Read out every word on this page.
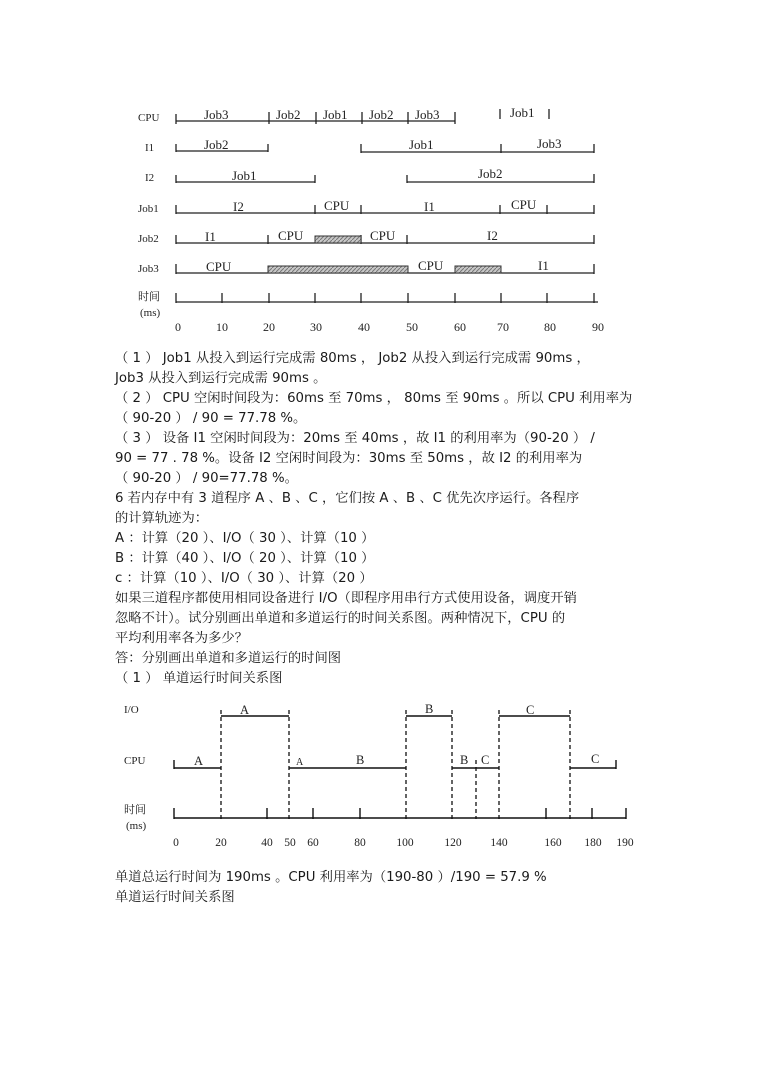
CPU
I1
I2
Job1
Job2
Job3
时间
(ms)
Job3	Job2 Job1 Job2 Job3	Job1
Job2	Job1	Job3
Job1	Job2
I2	CPU	I1	CPU
I1	CPU	CPU	I2
CPU	CPU	I1
0	10	20	30	40	50	60	70	80	90
（ 1 ） Job1 从投入到运行完成需 80ms ， Job2 从投入到运行完成需 90ms ，
Job3 从投入到运行完成需 90ms 。
（ 2 ） CPU 空闲时间段为：60ms 至 70ms ， 80ms 至 90ms 。所以 CPU 利用率为
（ 90-20 ） / 90 = 77.78 %。
（ 3 ） 设备 I1 空闲时间段为：20ms 至 40ms ，故 I1 的利用率为（90-20 ） /
90 = 77 . 78 %。设备 I2 空闲时间段为：30ms 至 50ms ，故 I2 的利用率为
（ 90-20 ） / 90=77.78 %。
6 若内存中有 3 道程序 A 、B 、C ，它们按 A 、B 、C 优先次序运行。各程序
的计算轨迹为：
A ：计算（20 ）、I/O（ 30 ）、计算（10 ）
B ：计算（40 ）、I/O（ 20 ）、计算（10 ）
c ：计算（10 ）、I/O（ 30 ）、计算（20 ）
如果三道程序都使用相同设备进行 I/O（即程序用串行方式使用设备，调度开销
忽略不计）。试分别画出单道和多道运行的时间关系图。两种情况下，CPU 的
平均利用率各为多少？
答：分别画出单道和多道运行的时间图
（ 1 ） 单道运行时间关系图
I/O
CPU
时间
(ms)
A	B	C
A	A	B	B C	C
0	20	40 50 60	80	100	120	140	160 180 190
单道总运行时间为 190ms 。CPU 利用率为（190-80 ）/190 = 57.9 %
单道运行时间关系图
